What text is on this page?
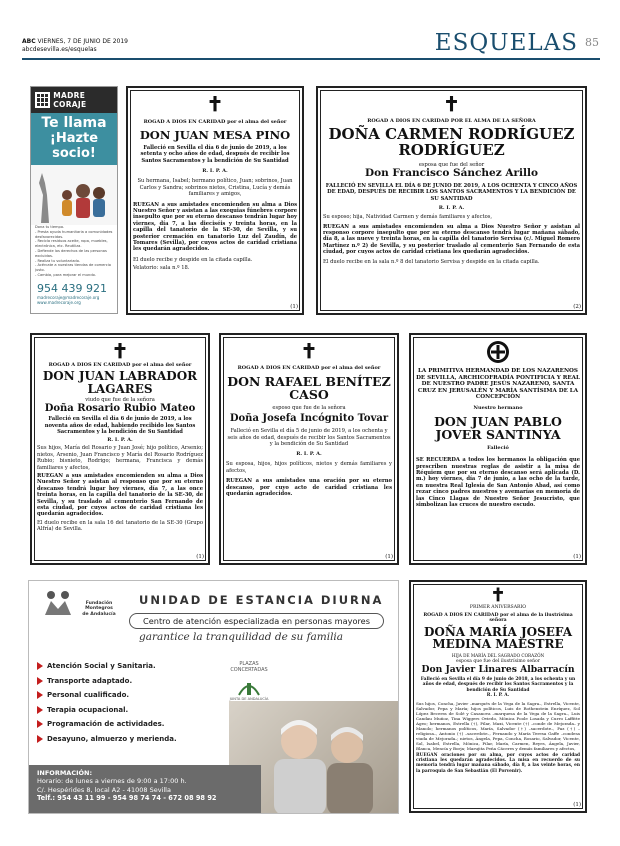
ABC VIERNES, 7 DE JUNIO DE 2019
abcdesevilla.es/esquelas	ESQUELAS 85
MADRE CORAJE
Te llama
¡Hazte socio!
Dona tu tiempo.
- Presta ayuda humanitaria a comunidades desfavorecidas.
- Recicla residuos aceite, ropa, muebles, electrónica, etc. Reutiliza.
- Defiende los derechos de las personas excluidas.
- Realiza tu voluntariado.
- Acércate a nuestras tiendas de comercio justo.
- Cambia, para mejorar el mundo.
954 439 921
madrecoraje@madrecoraje.org
www.madrecoraje.org
✝
ROGAD A DIOS EN CARIDAD por el alma del señor
DON JUAN MESA PINO
Falleció en Sevilla el día 6 de junio de 2019, a los setenta y ocho años de edad, después de recibir los Santos Sacramentos y la bendición de Su Santidad
R. I. P. A.
Su hermana, Isabel; hermano político, Juan; sobrinos, Juan Carlos y Sandra; sobrinos nietos, Cristina, Lucía y demás familiares y amigos,
RUEGAN a sus amistades encomienden su alma a Dios Nuestro Señor y asistan a las exequias fúnebres corpore insepulto que por su eterno descanso tendrán lugar hoy viernes, día 7, a las dieciséis y treinta horas, en la capilla del tanatorio de la SE-30, de Sevilla, y su posterior cremación en tanatorio Luz del Zaudín, de Tomares (Sevilla), por cuyos actos de caridad cristiana les quedarán agradecidos.
El duelo recibe y despide en la citada capilla.
Velatorio: sala n.º 18.
(1)
✝
ROGAD A DIOS EN CARIDAD POR EL ALMA DE LA SEÑORA
DOÑA CARMEN RODRÍGUEZ RODRÍGUEZ
esposa que fue del señor
Don Francisco Sánchez Arillo
FALLECIÓ EN SEVILLA EL DÍA 6 DE JUNIO DE 2019, A LOS OCHENTA Y CINCO AÑOS DE EDAD, DESPUÉS DE RECIBIR LOS SANTOS SACRAMENTOS Y LA BENDICIÓN DE SU SANTIDAD
R. I. P. A.
Su esposo; hija, Natividad Carmen y demás familiares y afectos,
RUEGAN a sus amistades encomienden su alma a Dios Nuestro Señor y asistan al responso corpore insepulto que por su eterno descanso tendrá lugar mañana sábado, día 8, a las nueve y treinta horas, en la capilla del tanatorio Servisa (c/. Miguel Romero Martínez n.º 2) de Sevilla, y su posterior traslado al cementerio San Fernando de esta ciudad, por cuyos actos de caridad cristiana les quedarán agradecidos.
El duelo recibe en la sala n.º 8 del tanatorio Servisa y despide en la citada capilla.
(2)
✝
ROGAD A DIOS EN CARIDAD por el alma del señor
DON JUAN LABRADOR LAGARES
viudo que fue de la señora
Doña Rosario Rubio Mateo
Falleció en Sevilla el día 6 de junio de 2019, a los noventa años de edad, habiendo recibido los Santos Sacramentos y la bendición de Su Santidad
R. I. P. A.
Sus hijos, María del Rosario y Juan José; hijo político, Arsenio; nietos, Arsenio, Juan Francisco y María del Rosario Rodríguez Rubio; bisnieto, Rodrigo; hermana, Francisca y demás familiares y afectos,
RUEGAN a sus amistades encomienden su alma a Dios Nuestro Señor y asistan al responso que por su eterno descanso tendrá lugar hoy viernes, día 7, a las once treinta horas, en la capilla del tanatorio de la SE-30, de Sevilla, y su traslado al cementerio San Fernando de esta ciudad, por cuyos actos de caridad cristiana les quedarán agradecidos.
El duelo recibe en la sala 16 del tanatorio de la SE-30 (Grupo Alfría) de Sevilla.
(1)
✝
ROGAD A DIOS EN CARIDAD por el alma del señor
DON RAFAEL BENÍTEZ CASO
esposo que fue de la señora
Doña Josefa Incógnito Tovar
Falleció en Sevilla el día 5 de junio de 2019, a los ochenta y seis años de edad, después de recibir los Santos Sacramentos y la bendición de Su Santidad
R. I. P. A.
Su esposa, hijos, hijos políticos, nietos y demás familiares y afectos,
RUEGAN a sus amistades una oración por su eterno descanso, por cuyo acto de caridad cristiana les quedarán agradecidos.
(1)
LA PRIMITIVA HERMANDAD DE LOS NAZARENOS DE SEVILLA, ARCHICOFRADÍA PONTIFICIA Y REAL DE NUESTRO PADRE JESÚS NAZARENO, SANTA CRUZ EN JERUSALÉN Y MARÍA SANTÍSIMA DE LA CONCEPCIÓN
Nuestro hermano
DON JUAN PABLO JOVER SANTINYA
Falleció
SE RECUERDA a todos los hermanos la obligación que prescriben nuestras reglas de asistir a la misa de Réquiem que por su eterno descanso será aplicada (D. m.) hoy viernes, día 7 de junio, a las ocho de la tarde, en nuestra Real Iglesia de San Antonio Abad, así como rezar cinco padres nuestros y avemarías en memoria de las Cinco Llagas de Nuestro Señor Jesucristo, que simbolizan las cruces de nuestro escudo.
(1)
Fundación
Montegros
de Andalucía
UNIDAD DE ESTANCIA DIURNA
Centro de atención especializada en personas mayores
garantice la tranquilidad de su familia
Atención Social y Sanitaria.
Transporte adaptado.
Personal cualificado.
Terapia ocupacional.
Programación de actividades.
Desayuno, almuerzo y merienda.
PLAZAS
CONCERTADAS
JUNTA DE ANDALUCÍA
INFORMACIÓN:
Horario: de lunes a viernes de 9:00 a 17:00 h.
C/. Hespérides 8, local A2 - 41008 Sevilla
Telf.: 954 43 11 99 - 954 98 74 74 - 672 08 98 92
✝
PRIMER ANIVERSARIO
ROGAD A DIOS EN CARIDAD por el alma de la ilustrísima señora
DOÑA MARÍA JOSEFA MEDINA MAESTRE
HIJA DE MARÍA DEL SAGRADO CORAZÓN
esposa que fue del ilustrísimo señor
Don Javier Linares Albarracín
Falleció en Sevilla el día 9 de junio de 2018, a los ochenta y un años de edad, después de recibir los Santos Sacramentos y la bendición de Su Santidad
R. I. P. A.
Sus hijos, Concha, Javier –marqués de la Vega de la Sagra–, Estrella, Vicente, Salvador, Pepa y María; hijos políticos, Luis de Rothenstein Enríquez, Sol López Becerra de Solé y Casanova –marquesa de la Vega de la Sagra–, Luis Candau Muñoz, Tina Wiggers Oviedo, Mónica Poole Losada y Curro Laffitte Ageo; hermanos, Estrella (†), Pilar, Maxi, Vicente (†) –conde de Mejorada– y Manolo; hermanos políticos, María, Salvador (†) –sacerdote–, Paz (†) –religiosa–, Antonio (†) –sacerdote–, Fernando y María Teresa Gaffe –condesa viuda de Mejorada–; nietos, Ángela, Pepa, Concha, Rosario, Salvador, Vicente, Sol, Isabel, Estrella, Mónica, Pilar, María, Carmen, Reyes, Ángela, Javier, Blanca, Mencía y Borja; Marujita Peña Cáceres y demás familiares y afectos,
RUEGAN oraciones por su alma, por cuyos actos de caridad cristiana les quedarán agradecidos. La misa en recuerdo de su memoria tendrá lugar mañana sábado, día 8, a las veinte horas, en la parroquia de San Sebastián (El Porvenir).
(1)
